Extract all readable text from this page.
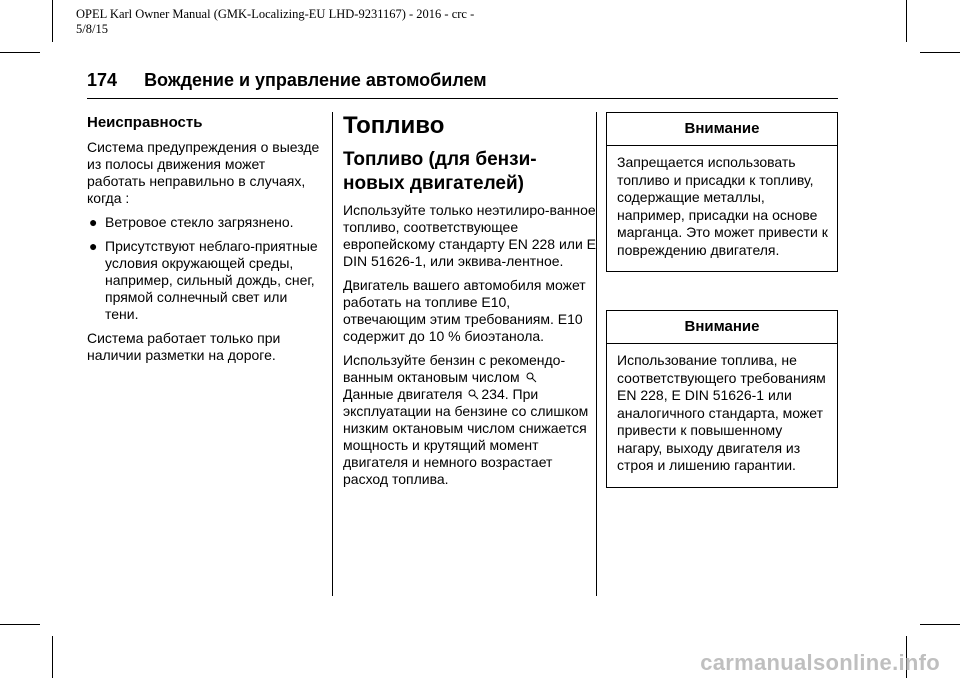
OPEL Karl Owner Manual (GMK-Localizing-EU LHD-9231167) - 2016 - crc - 5/8/15
174 Вождение и управление автомобилем
Неисправность

Система предупреждения о выезде из полосы движения может работать неправильно в случаях, когда :

● Ветровое стекло загрязнено.
● Присутствуют неблаго-приятные условия окружающей среды, например, сильный дождь, снег, прямой солнечный свет или тени.

Система работает только при наличии разметки на дороге.

Топливо
Топливо (для бензи-новых двигателей)

Используйте только неэтилиро-ванное топливо, соответствующее европейскому стандарту EN 228 или E DIN 51626-1, или эквива-лентное.

Двигатель вашего автомобиля может работать на топливе E10, отвечающим этим требованиям. E10 содержит до 10 % биоэтанола.

Используйте бензин с рекомендо-ванным октановым числом
Данные двигателя 234. При эксплуатации на бензине со слишком низким октановым числом снижается мощность и крутящий момент двигателя и немного возрастает расход топлива.

Внимание
Запрещается использовать топливо и присадки к топливу, содержащие металлы, например, присадки на основе марганца. Это может привести к повреждению двигателя.
Внимание
Использование топлива, не соответствующего требованиям EN 228, E DIN 51626-1 или аналогичного стандарта, может привести к повышенному нагару, выходу двигателя из строя и лишению гарантии.
carmanualsonline.info
